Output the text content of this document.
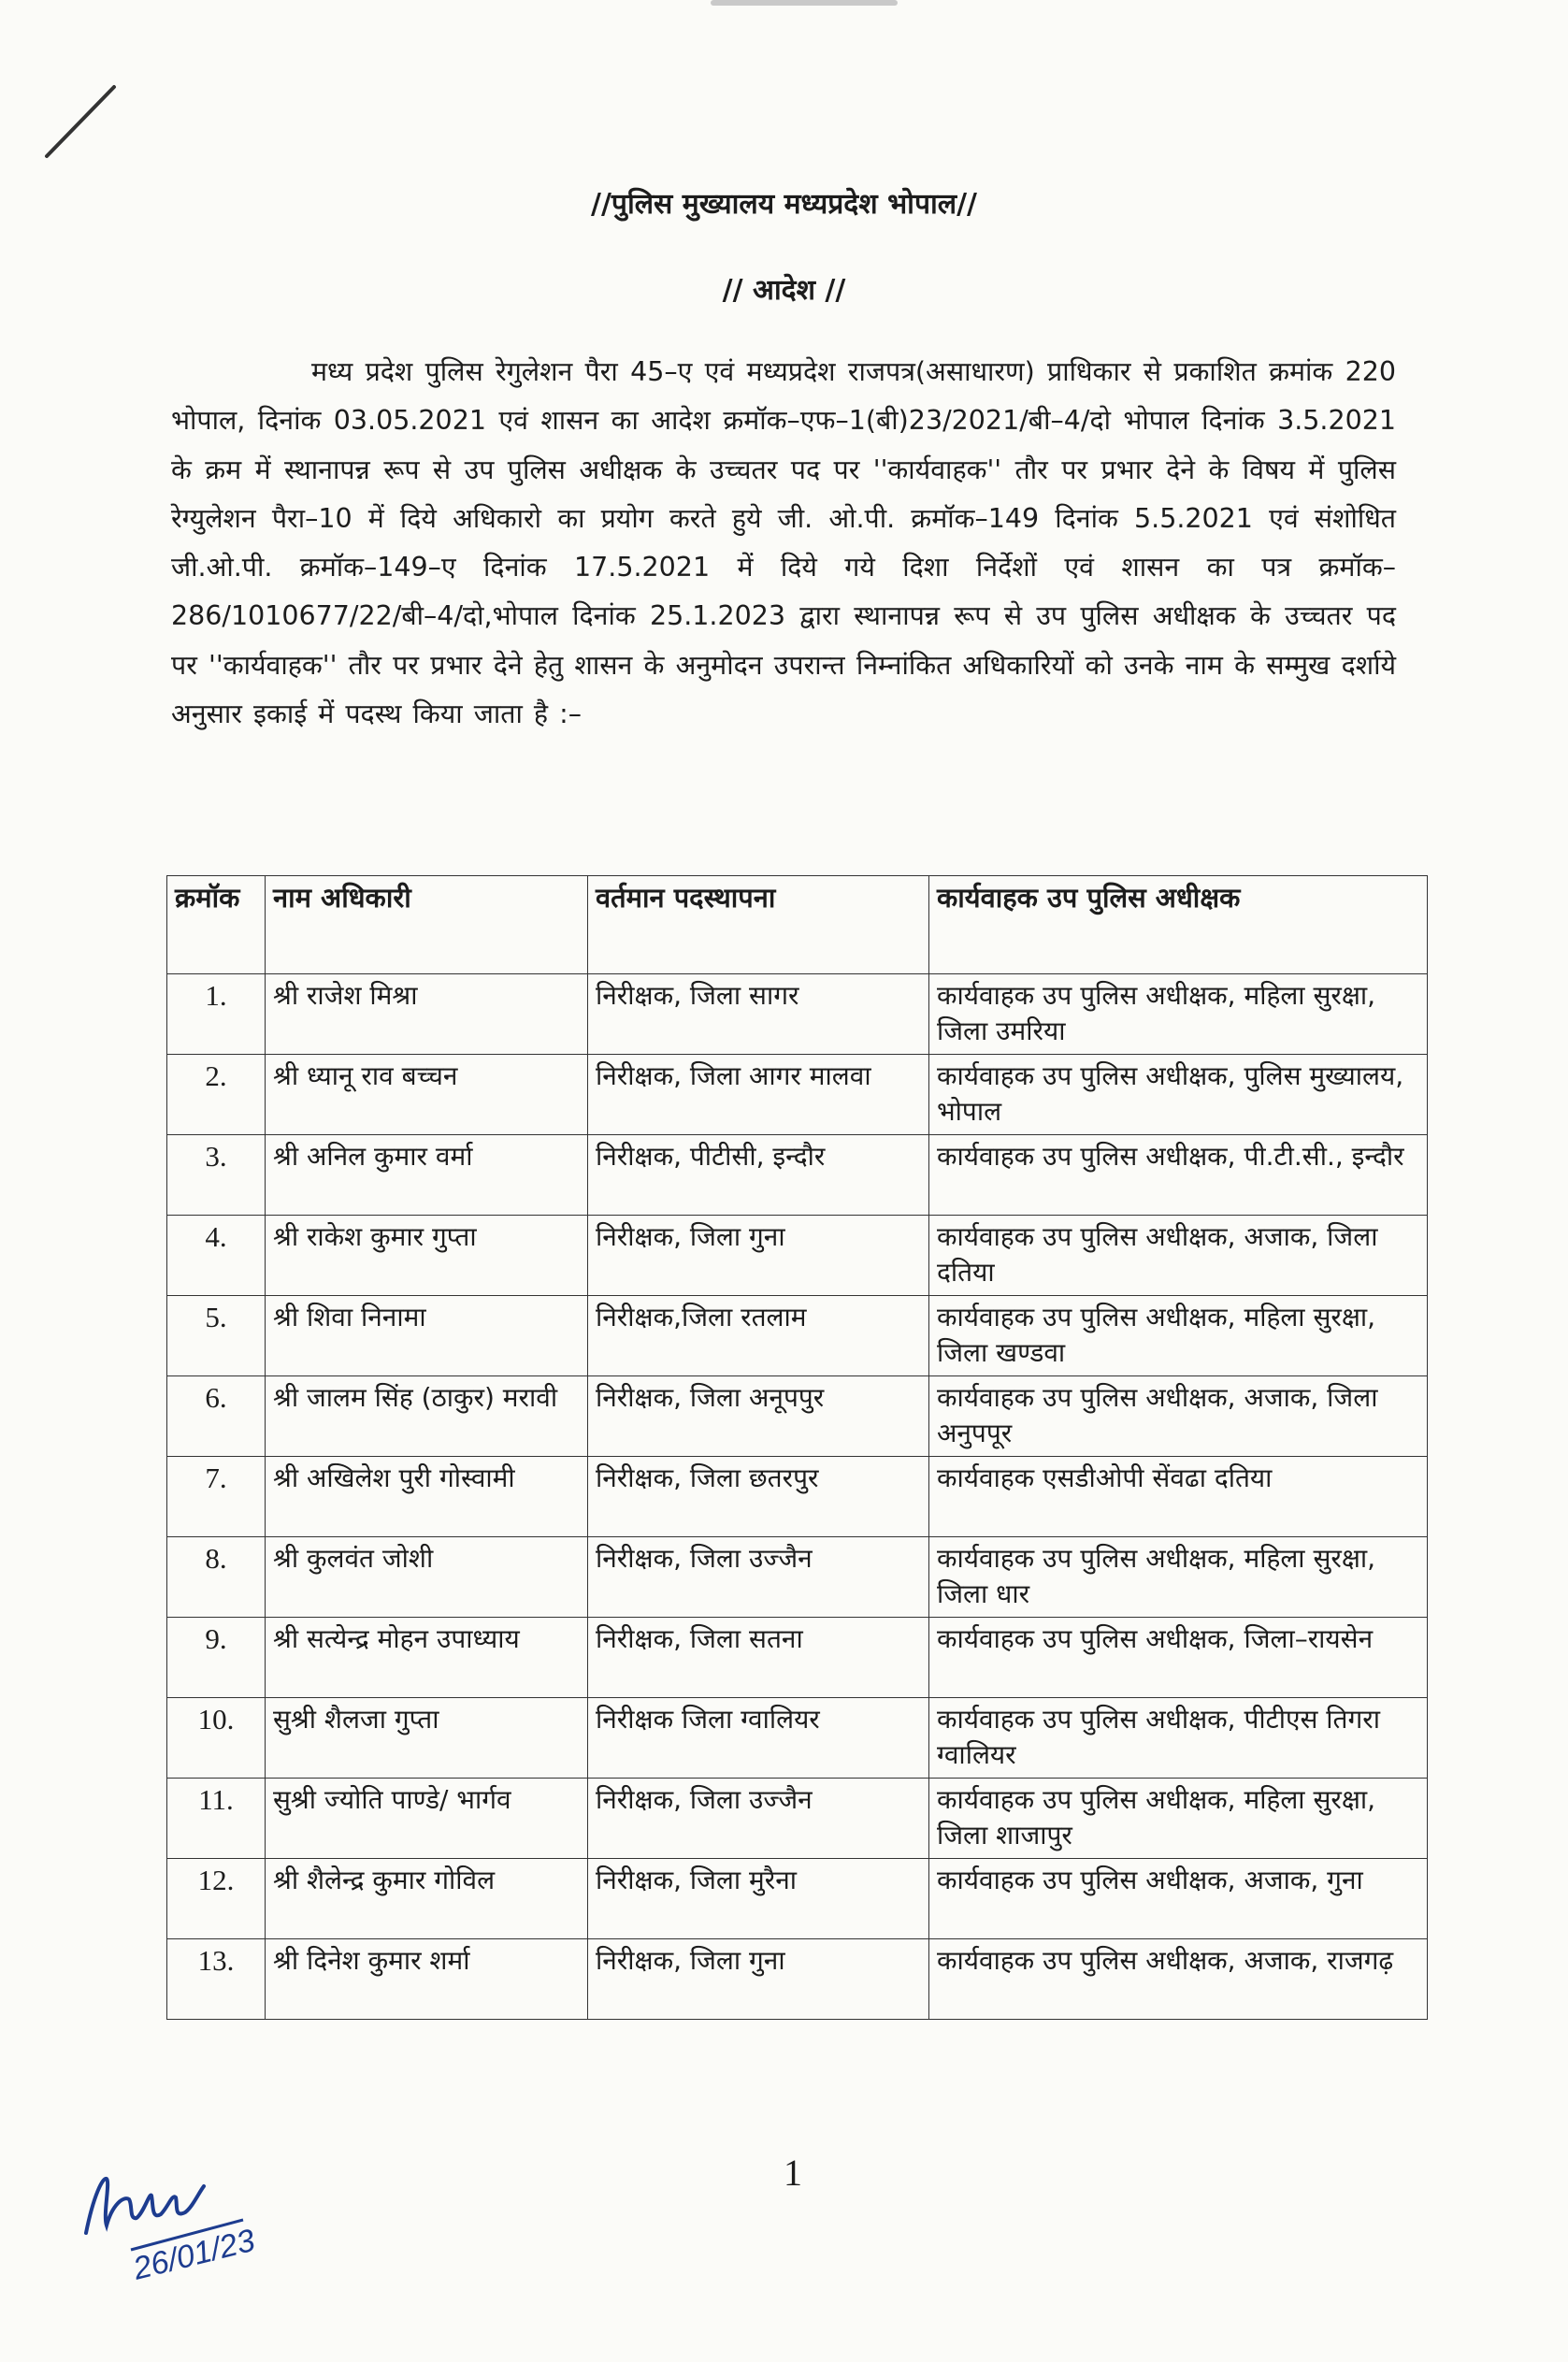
//पुलिस मुख्यालय मध्यप्रदेश भोपाल//
// आदेश //
मध्य प्रदेश पुलिस रेगुलेशन पैरा 45–ए एवं मध्यप्रदेश राजपत्र(असाधारण) प्राधिकार से प्रकाशित क्रमांक 220 भोपाल, दिनांक 03.05.2021 एवं शासन का आदेश क्रमॉक–एफ–1(बी)23/2021/बी–4/दो भोपाल दिनांक 3.5.2021 के क्रम में स्थानापन्न रूप से उप पुलिस अधीक्षक के उच्चतर पद पर ''कार्यवाहक'' तौर पर प्रभार देने के विषय में पुलिस रेग्युलेशन पैरा–10 में दिये अधिकारो का प्रयोग करते हुये जी. ओ.पी. क्रमॉक–149 दिनांक 5.5.2021 एवं संशोधित जी.ओ.पी. क्रमॉक–149–ए दिनांक 17.5.2021 में दिये गये दिशा निर्देशों एवं शासन का पत्र क्रमॉक–286/1010677/22/बी–4/दो,भोपाल दिनांक 25.1.2023 द्वारा स्थानापन्न रूप से उप पुलिस अधीक्षक के उच्चतर पद पर ''कार्यवाहक'' तौर पर प्रभार देने हेतु शासन के अनुमोदन उपरान्त निम्नांकित अधिकारियों को उनके नाम के सम्मुख दर्शाये अनुसार इकाई में पदस्थ किया जाता है :–
क्रमॉक	नाम अधिकारी	वर्तमान पदस्थापना	कार्यवाहक उप पुलिस अधीक्षक
1.	श्री राजेश मिश्रा	निरीक्षक, जिला सागर	कार्यवाहक उप पुलिस अधीक्षक, महिला सुरक्षा, जिला उमरिया
2.	श्री ध्यानू राव बच्चन	निरीक्षक, जिला आगर मालवा	कार्यवाहक उप पुलिस अधीक्षक, पुलिस मुख्यालय, भोपाल
3.	श्री अनिल कुमार वर्मा	निरीक्षक, पीटीसी, इन्दौर	कार्यवाहक उप पुलिस अधीक्षक, पी.टी.सी., इन्दौर
4.	श्री राकेश कुमार गुप्ता	निरीक्षक, जिला गुना	कार्यवाहक उप पुलिस अधीक्षक, अजाक, जिला दतिया
5.	श्री शिवा निनामा	निरीक्षक,जिला रतलाम	कार्यवाहक उप पुलिस अधीक्षक, महिला सुरक्षा, जिला खण्डवा
6.	श्री जालम सिंह (ठाकुर) मरावी	निरीक्षक, जिला अनूपपुर	कार्यवाहक उप पुलिस अधीक्षक, अजाक, जिला अनुपपूर
7.	श्री अखिलेश पुरी गोस्वामी	निरीक्षक, जिला छतरपुर	कार्यवाहक एसडीओपी सेंवढा दतिया
8.	श्री कुलवंत जोशी	निरीक्षक, जिला उज्जैन	कार्यवाहक उप पुलिस अधीक्षक, महिला सुरक्षा, जिला धार
9.	श्री सत्येन्द्र मोहन उपाध्याय	निरीक्षक, जिला सतना	कार्यवाहक उप पुलिस अधीक्षक, जिला–रायसेन
10.	सुश्री शैलजा गुप्ता	निरीक्षक जिला ग्वालियर	कार्यवाहक उप पुलिस अधीक्षक, पीटीएस तिगरा ग्वालियर
11.	सुश्री ज्योति पाण्डे/ भार्गव	निरीक्षक, जिला उज्जैन	कार्यवाहक उप पुलिस अधीक्षक, महिला सुरक्षा, जिला शाजापुर
12.	श्री शैलेन्द्र कुमार गोविल	निरीक्षक, जिला मुरैना	कार्यवाहक उप पुलिस अधीक्षक, अजाक, गुना
13.	श्री दिनेश कुमार शर्मा	निरीक्षक, जिला गुना	कार्यवाहक उप पुलिस अधीक्षक, अजाक, राजगढ़
1
26/01/23
